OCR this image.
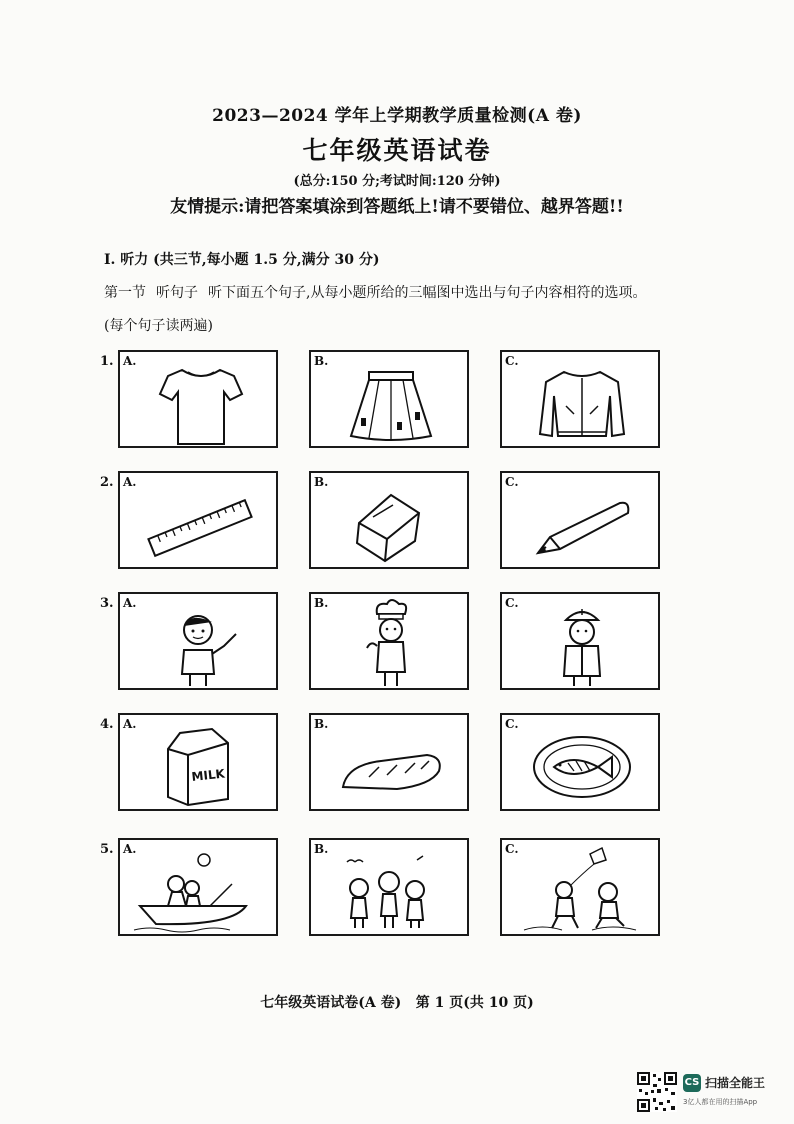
2023—2024 学年上学期教学质量检测(A 卷)
七年级英语试卷
(总分:150 分;考试时间:120 分钟)
友情提示:请把答案填涂到答题纸上!请不要错位、越界答题!!
I. 听力 (共三节,每小题 1.5 分,满分 30 分)
第一节 听句子 听下面五个句子,从每小题所给的三幅图中选出与句子内容相符的选项。
(每个句子读两遍)
1. A.	B.	C.
2. A.	B.	C.
3. A.	B.	C.
4. A.
MILK
B.	C.
5. A.	B.	C.
七年级英语试卷(A 卷)   第 1 页(共 10 页)
CS 扫描全能王
3亿人都在用的扫描App
